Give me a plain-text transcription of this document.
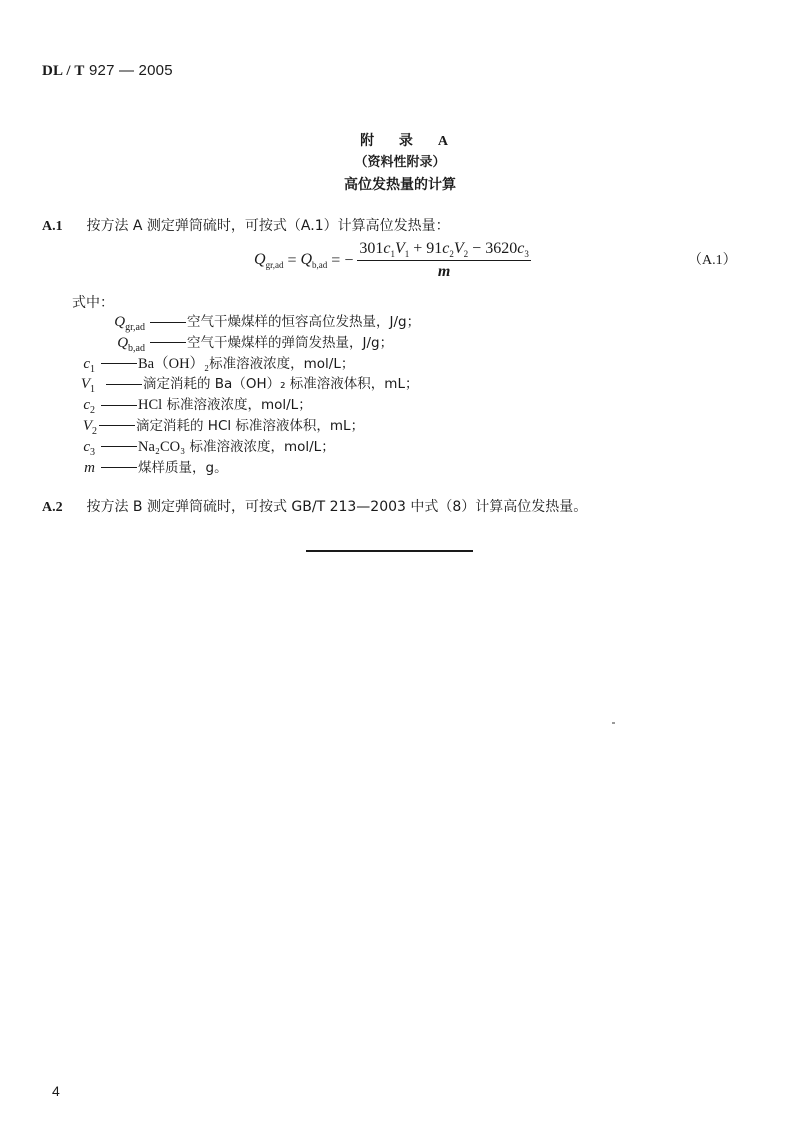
DL / T 927 — 2005
附 录 A
（资料性附录）
高位发热量的计算
A.1 按方法 A 测定弹筒硫时，可按式（A.1）计算高位发热量：
$Q_{gr,ad} = Q_{b,ad}$ = − $\frac{301c_1V_1 + 91c_2V_2 - 3620c_3}{m}$	（A.1）
式中：
$Q_{gr,ad}$	空气干燥煤样的恒容高位发热量，J/g；
$Q_{b,ad}$	空气干燥煤样的弹筒发热量，J/g；
$c_1$	Ba（OH）₂标准溶液浓度，mol/L；
$V_1$	滴定消耗的 Ba（OH）₂ 标准溶液体积，mL；
$c_2$	HCl 标准溶液浓度，mol/L；
$V_2$	滴定消耗的 HCl 标准溶液体积，mL；
$c_3$	Na₂CO₃ 标准溶液浓度，mol/L；
m	煤样质量，g。
A.2 按方法 B 测定弹筒硫时，可按式 GB/T 213—2003 中式（8）计算高位发热量。
4
